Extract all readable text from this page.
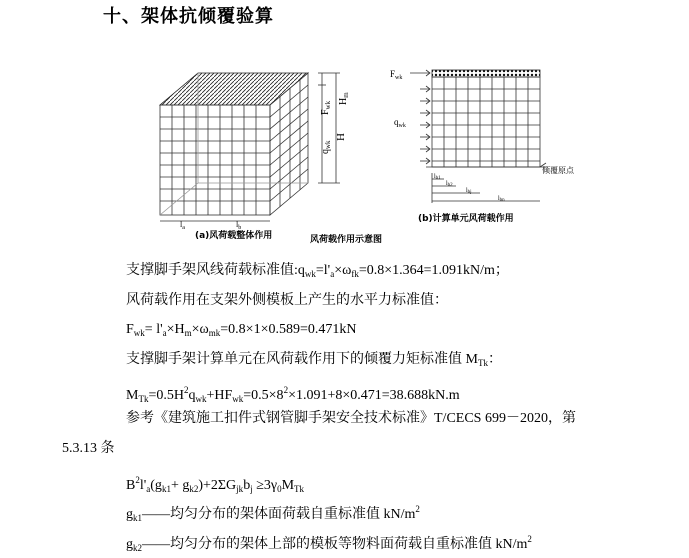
十、架体抗倾覆验算
$F_{wk}$ $H_m$
$q_{wk}$
H
$l_a$	$l_b$
(a)风荷载整体作用
$F_{wk}$
$q_{wk}$
倾覆原点
lb1
lb2
lbj
lbn
(b)计算单元风荷载作用
风荷载作用示意图
支撑脚手架风线荷载标准值$:q_{wk}=l'_a\times\omega_{fk}=0.8\times 1.364=1.091kN/m$；
风荷载作用在支架外侧模板上产生的水平力标准值：
$F_{wk}= l'_a\times H_m\times\omega_{mk}=0.8\times 1\times 0.589=0.471kN$
支撑脚手架计算单元在风荷载作用下的倾覆力矩标准值 $M_{Tk}$：
$M_{Tk}=0.5H^2q_{wk}+HF_{wk}=0.5\times 8^2\times 1.091+8\times 0.471=38.688kN.m$
参考《建筑施工扣件式钢管脚手架安全技术标准》T/CECS 699－2020，第
5.3.13 条
$B^2l'_a(g_{k1}+ g_{k2})+2\Sigma G_{jk}b_j \ge 3\gamma_0M_{Tk}$
$g_{k1}——$均匀分布的架体面荷载自重标准值 $kN/m^2$
$g_{k2}——$均匀分布的架体上部的模板等物料面荷载自重标准值 $kN/m^2$
